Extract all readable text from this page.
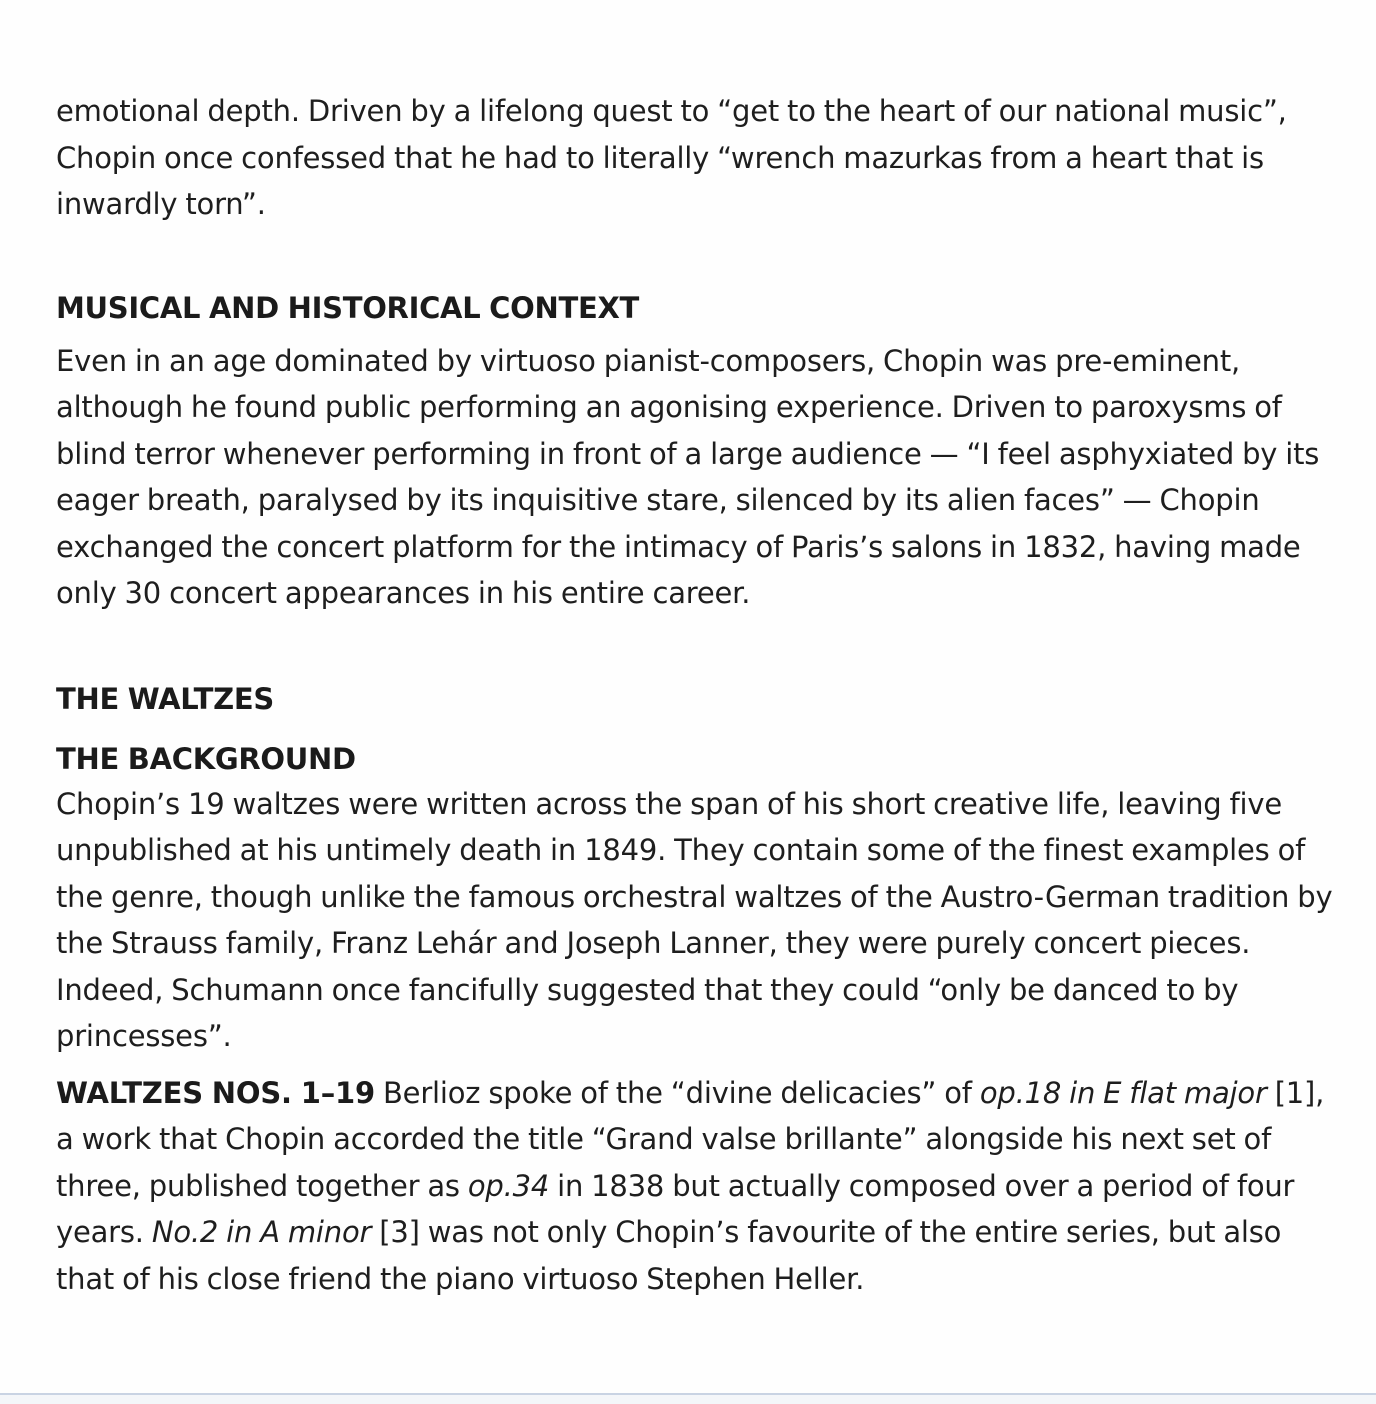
emotional depth. Driven by a lifelong quest to “get to the heart of our national music”, Chopin once confessed that he had to literally “wrench mazurkas from a heart that is inwardly torn”.

MUSICAL AND HISTORICAL CONTEXT

Even in an age dominated by virtuoso pianist-composers, Chopin was pre-eminent, although he found public performing an agonising experience. Driven to paroxysms of blind terror whenever performing in front of a large audience — “I feel asphyxiated by its eager breath, paralysed by its inquisitive stare, silenced by its alien faces” — Chopin exchanged the concert platform for the intimacy of Paris’s salons in 1832, having made only 30 concert appearances in his entire career.

THE WALTZES
THE BACKGROUND

Chopin’s 19 waltzes were written across the span of his short creative life, leaving five unpublished at his untimely death in 1849. They contain some of the finest examples of the genre, though unlike the famous orchestral waltzes of the Austro-German tradition by the Strauss family, Franz Lehár and Joseph Lanner, they were purely concert pieces. Indeed, Schumann once fancifully suggested that they could “only be danced to by princesses”.

WALTZES NOS. 1–19 Berlioz spoke of the “divine delicacies” of op.18 in E flat major [1], a work that Chopin accorded the title “Grand valse brillante” alongside his next set of three, published together as op.34 in 1838 but actually composed over a period of four years. No.2 in A minor [3] was not only Chopin’s favourite of the entire series, but also that of his close friend the piano virtuoso Stephen Heller.
